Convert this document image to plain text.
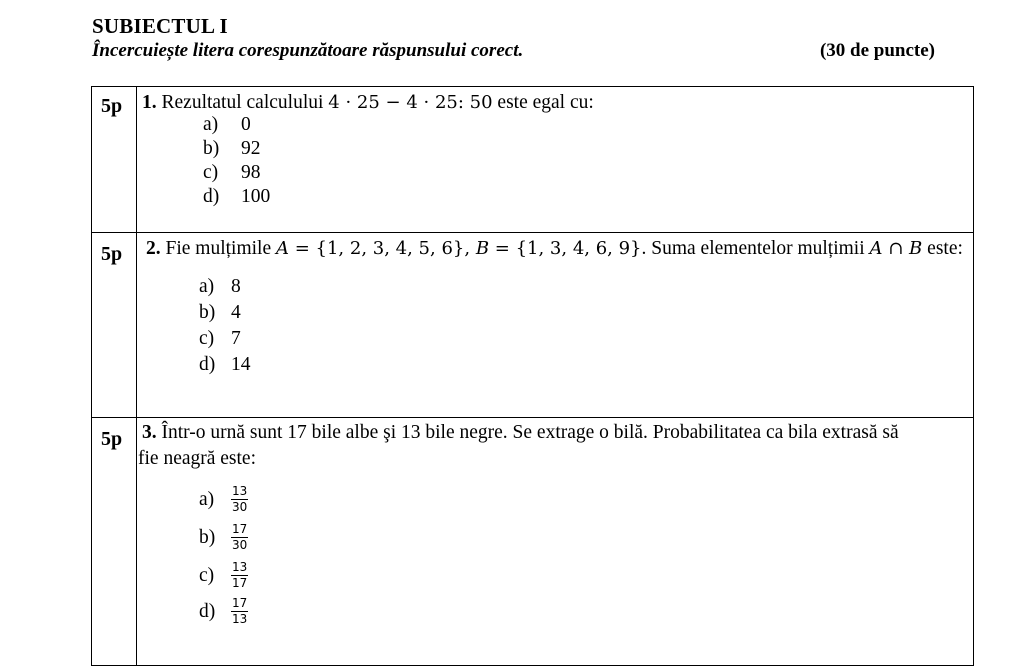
SUBIECTUL I
Încercuiește litera corespunzătoare răspunsului corect.	(30 de puncte)
5p 1. Rezultatul calculului 4 · 25 − 4 · 25: 50 este egal cu:
a)	0
b)	92
c)	98
d)	100
5p 2. Fie mulțimile A = {1, 2, 3, 4, 5, 6}, B = {1, 3, 4, 6, 9}. Suma elementelor mulțimii A ∩ B este:
a) 8
b) 4
c) 7
d) 14
5p 3. Într-o urnă sunt 17 bile albe şi 13 bile negre. Se extrage o bilă. Probabilitatea ca bila extrasă să
fie neagră este:
a)	$\frac{13}{30}$
b)	$\frac{17}{30}$
c)	$\frac{13}{17}$
d)	$\frac{17}{13}$
